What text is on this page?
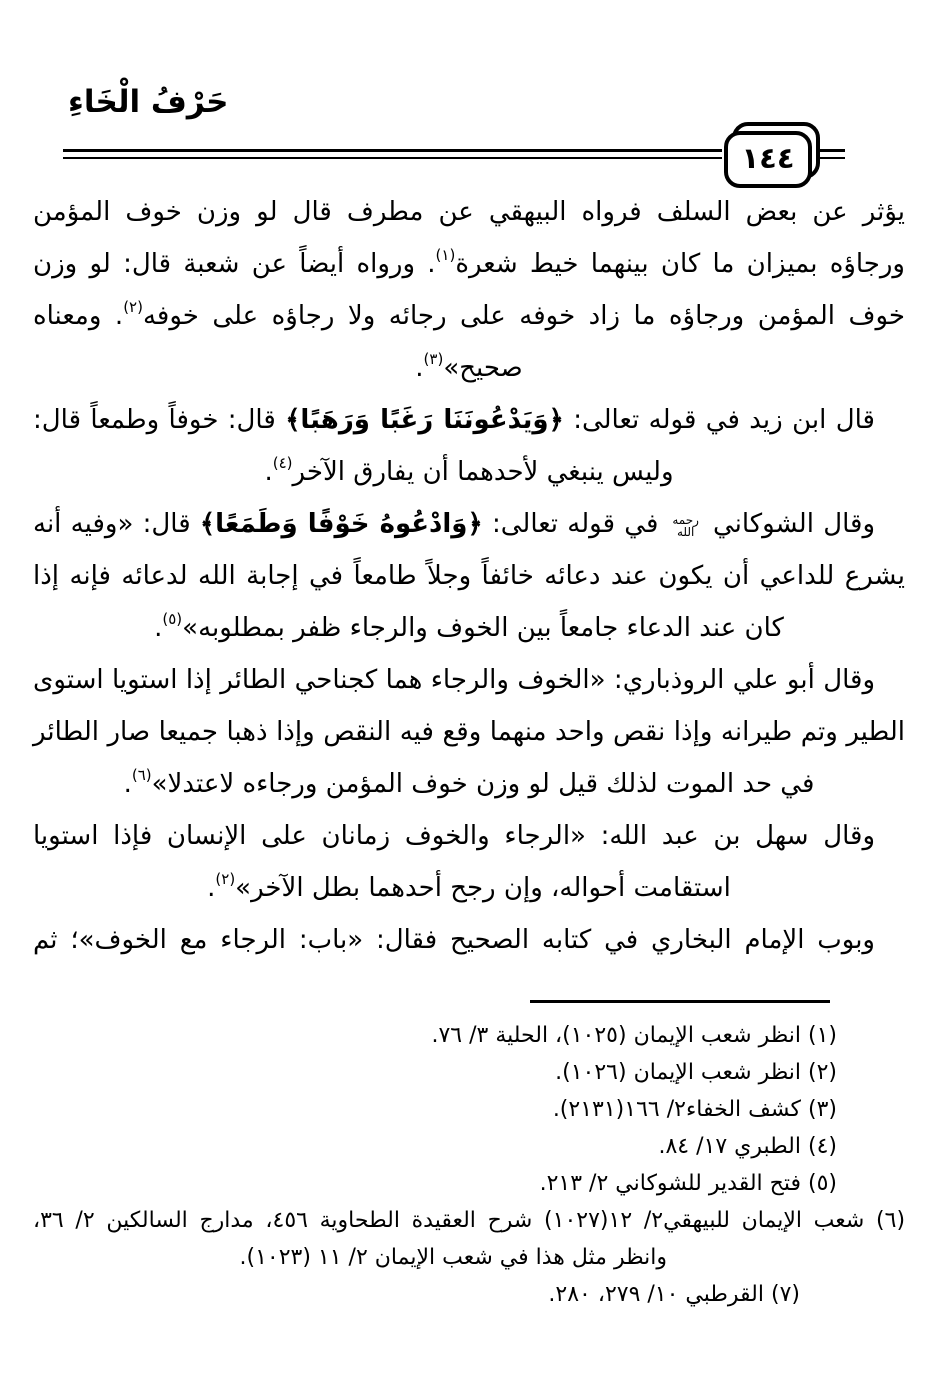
حَرْفُ الْخَاءِ
١٤٤

يؤثر عن بعض السلف فرواه البيهقي عن مطرف قال لو وزن خوف المؤمن ورجاؤه بميزان ما كان بينهما خيط شعرة$^{(١)}$. ورواه أيضاً عن شعبة قال: لو وزن خوف المؤمن ورجاؤه ما زاد خوفه على رجائه ولا رجاؤه على خوفه$^{(٢)}$. ومعناه صحيح»$^{(٣)}$.

قال ابن زيد في قوله تعالى: ﴿وَيَدْعُونَنَا رَغَبًا وَرَهَبًا﴾ قال: خوفاً وطمعاً قال: وليس ينبغي لأحدهما أن يفارق الآخر$^{(٤)}$.

وقال الشوكاني رحمه الله في قوله تعالى: ﴿وَادْعُوهُ خَوْفًا وَطَمَعًا﴾ قال: «وفيه أنه يشرع للداعي أن يكون عند دعائه خائفاً وجلاً طامعاً في إجابة الله لدعائه فإنه إذا كان عند الدعاء جامعاً بين الخوف والرجاء ظفر بمطلوبه»$^{(٥)}$.

وقال أبو علي الروذباري: «الخوف والرجاء هما كجناحي الطائر إذا استويا استوى الطير وتم طيرانه وإذا نقص واحد منهما وقع فيه النقص وإذا ذهبا جميعا صار الطائر في حد الموت لذلك قيل لو وزن خوف المؤمن ورجاءه لاعتدلا»$^{(٦)}$.

وقال سهل بن عبد الله: «الرجاء والخوف زمانان على الإنسان فإذا استويا استقامت أحواله، وإن رجح أحدهما بطل الآخر»$^{(٢)}$.

وبوب الإمام البخاري في كتابه الصحيح فقال: «باب: الرجاء مع الخوف»؛ ثم

(١) انظر شعب الإيمان (١٠٢٥)، الحلية ٣/ ٧٦.
(٢) انظر شعب الإيمان (١٠٢٦).
(٣) كشف الخفاء٢/ ١٦٦(٢١٣١).
(٤) الطبري ١٧/ ٨٤.
(٥) فتح القدير للشوكاني ٢/ ٢١٣.
(٦) شعب الإيمان للبيهقي٢/ ١٢(١٠٢٧) شرح العقيدة الطحاوية ٤٥٦، مدارج السالكين ٢/ ٣٦،
وانظر مثل هذا في شعب الإيمان ٢/ ١١ (١٠٢٣).
(٧) القرطبي ١٠/ ٢٧٩، ٢٨٠.
